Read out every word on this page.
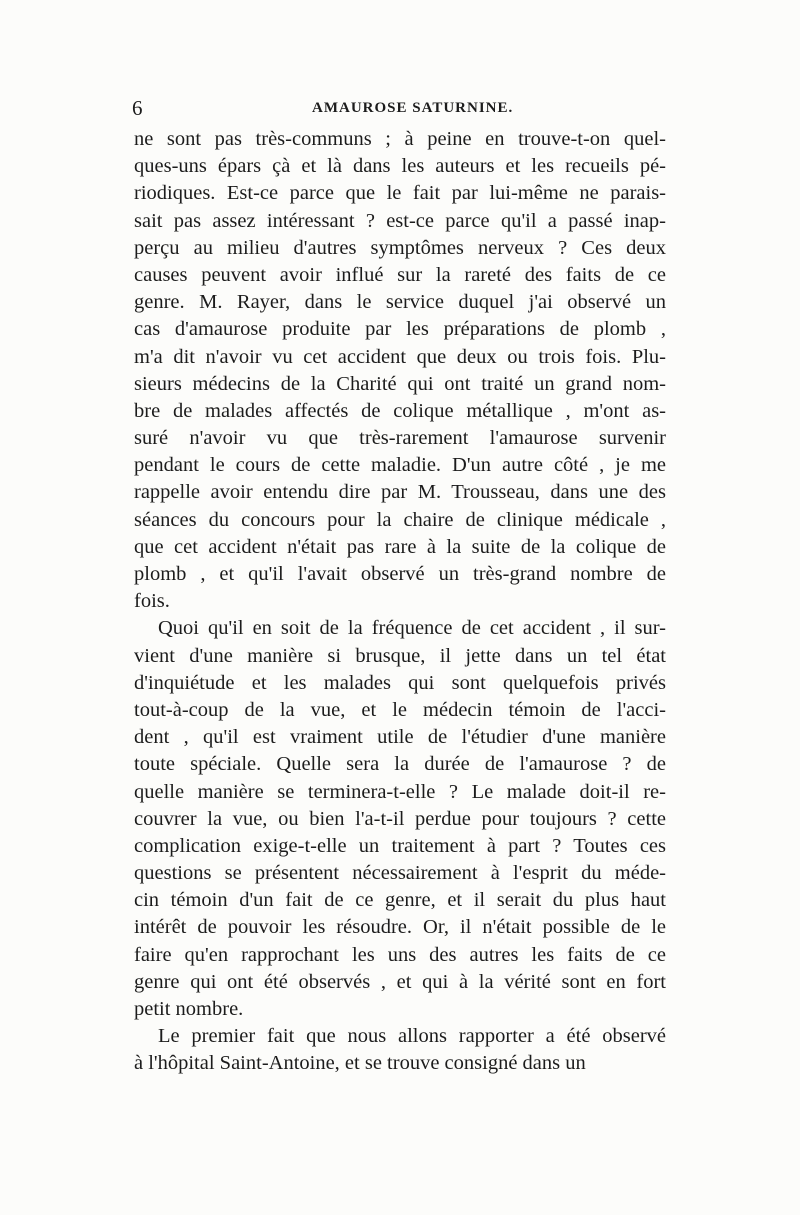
6	AMAUROSE SATURNINE.
ne sont pas très-communs ; à peine en trouve-t-on quel-
ques-uns épars çà et là dans les auteurs et les recueils pé-
riodiques. Est-ce parce que le fait par lui-même ne parais-
sait pas assez intéressant ? est-ce parce qu'il a passé inap-
perçu au milieu d'autres symptômes nerveux ? Ces deux
causes peuvent avoir influé sur la rareté des faits de ce
genre. M. Rayer, dans le service duquel j'ai observé un
cas d'amaurose produite par les préparations de plomb ,
m'a dit n'avoir vu cet accident que deux ou trois fois. Plu-
sieurs médecins de la Charité qui ont traité un grand nom-
bre de malades affectés de colique métallique , m'ont as-
suré n'avoir vu que très-rarement l'amaurose survenir
pendant le cours de cette maladie. D'un autre côté , je me
rappelle avoir entendu dire par M. Trousseau, dans une des
séances du concours pour la chaire de clinique médicale ,
que cet accident n'était pas rare à la suite de la colique de
plomb , et qu'il l'avait observé un très-grand nombre de
fois.
Quoi qu'il en soit de la fréquence de cet accident , il sur-
vient d'une manière si brusque, il jette dans un tel état
d'inquiétude et les malades qui sont quelquefois privés
tout-à-coup de la vue, et le médecin témoin de l'acci-
dent , qu'il est vraiment utile de l'étudier d'une manière
toute spéciale. Quelle sera la durée de l'amaurose ? de
quelle manière se terminera-t-elle ? Le malade doit-il re-
couvrer la vue, ou bien l'a-t-il perdue pour toujours ? cette
complication exige-t-elle un traitement à part ? Toutes ces
questions se présentent nécessairement à l'esprit du méde-
cin témoin d'un fait de ce genre, et il serait du plus haut
intérêt de pouvoir les résoudre. Or, il n'était possible de le
faire qu'en rapprochant les uns des autres les faits de ce
genre qui ont été observés , et qui à la vérité sont en fort
petit nombre.
Le premier fait que nous allons rapporter a été observé
à l'hôpital Saint-Antoine, et se trouve consigné dans un
